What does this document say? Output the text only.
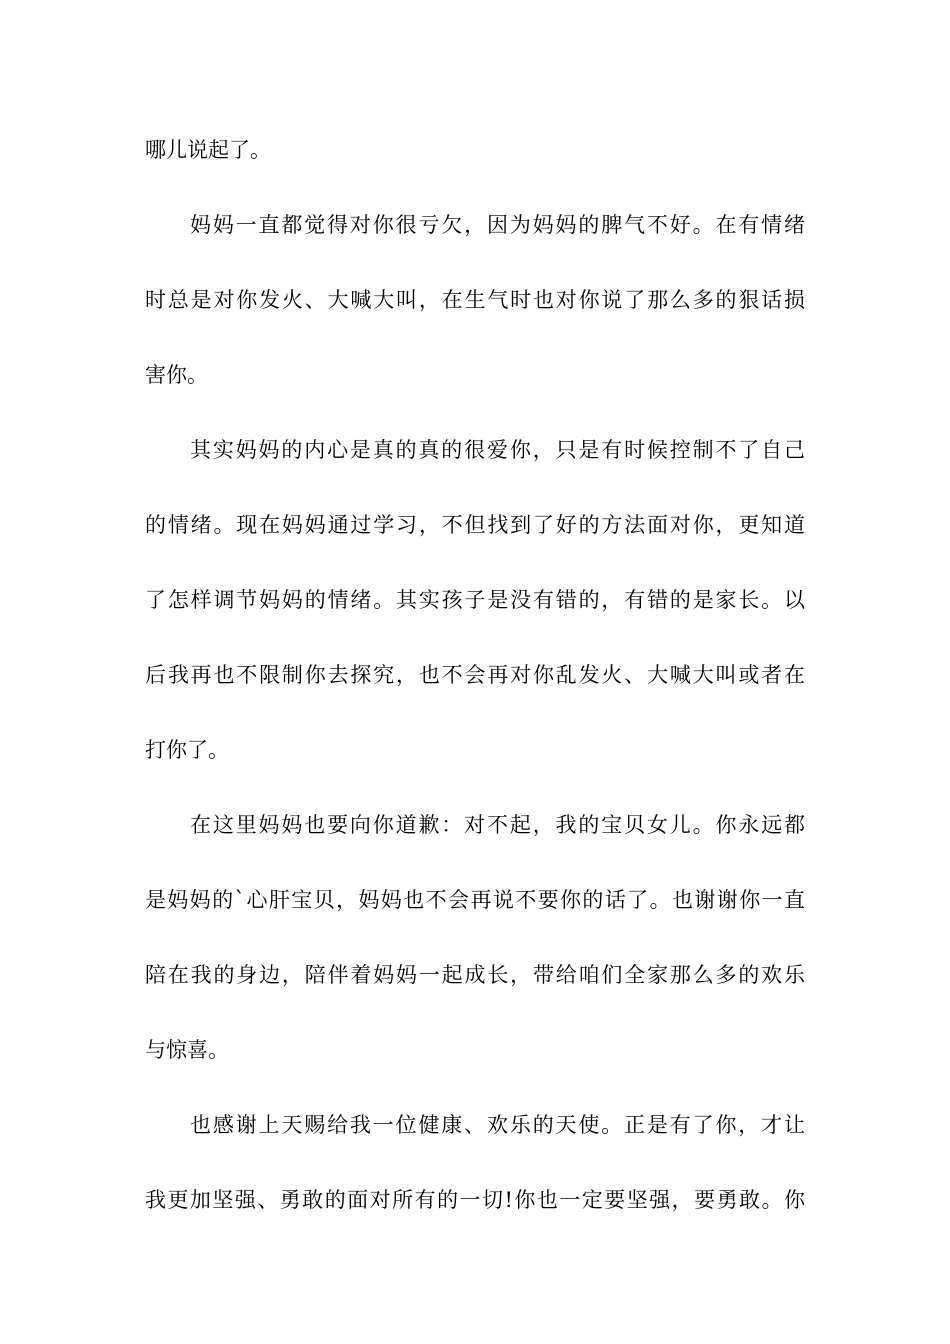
哪儿说起了。
妈妈一直都觉得对你很亏欠，因为妈妈的脾气不好。在有情绪
时总是对你发火、大喊大叫，在生气时也对你说了那么多的狠话损
害你。
其实妈妈的内心是真的真的很爱你，只是有时候控制不了自己
的情绪。现在妈妈通过学习，不但找到了好的方法面对你，更知道
了怎样调节妈妈的情绪。其实孩子是没有错的，有错的是家长。以
后我再也不限制你去探究，也不会再对你乱发火、大喊大叫或者在
打你了。
在这里妈妈也要向你道歉：对不起，我的宝贝女儿。你永远都
是妈妈的`心肝宝贝，妈妈也不会再说不要你的话了。也谢谢你一直
陪在我的身边，陪伴着妈妈一起成长，带给咱们全家那么多的欢乐
与惊喜。
也感谢上天赐给我一位健康、欢乐的天使。正是有了你，才让
我更加坚强、勇敢的面对所有的一切!你也一定要坚强，要勇敢。你
